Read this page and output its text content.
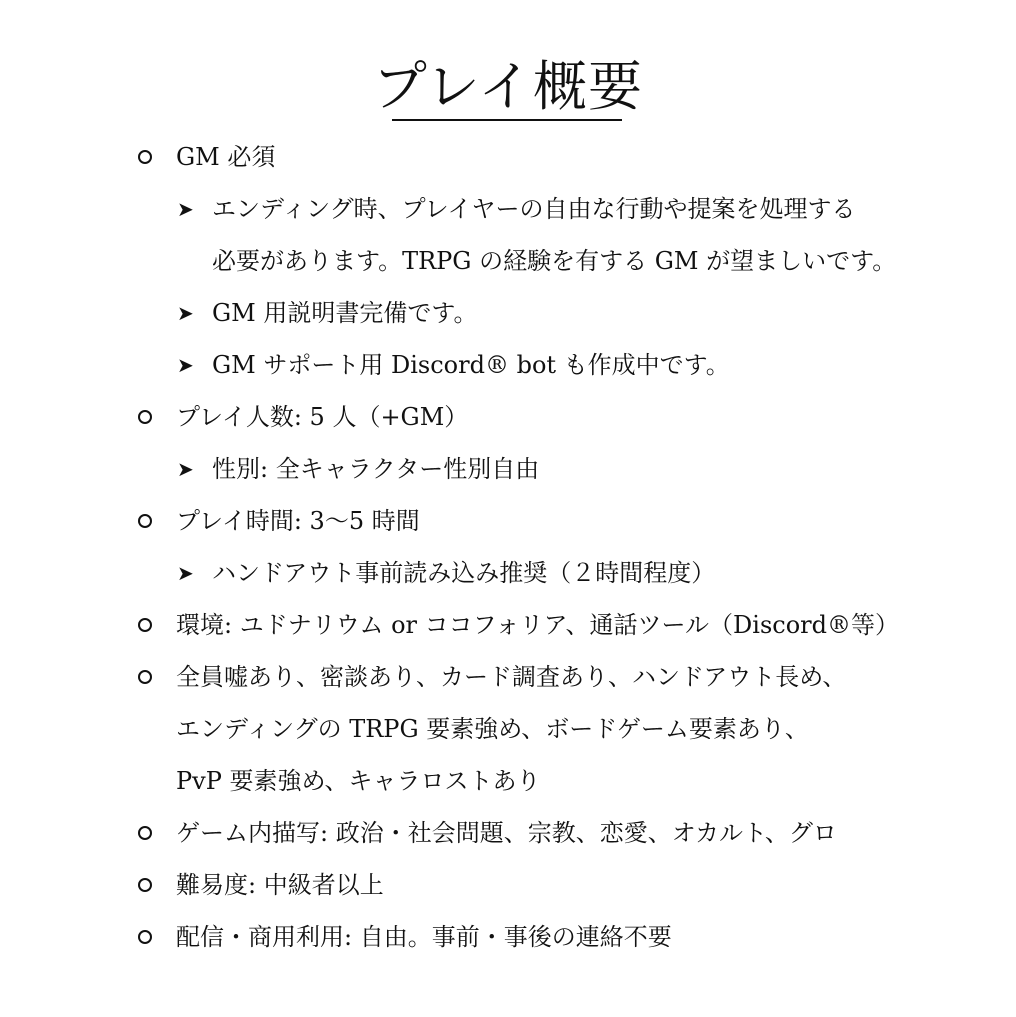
プレイ概要
GM 必須
➤ エンディング時、プレイヤーの自由な行動や提案を処理する
必要があります。TRPG の経験を有する GM が望ましいです。
➤ GM 用説明書完備です。
➤ GM サポート用 Discord® bot も作成中です。
プレイ人数: 5 人（+GM）
➤ 性別: 全キャラクター性別自由
プレイ時間: 3～5 時間
➤ ハンドアウト事前読み込み推奨（２時間程度）
環境: ユドナリウム or ココフォリア、通話ツール（Discord®等）
全員嘘あり、密談あり、カード調査あり、ハンドアウト長め、
エンディングの TRPG 要素強め、ボードゲーム要素あり、
PvP 要素強め、キャラロストあり
ゲーム内描写: 政治・社会問題、宗教、恋愛、オカルト、グロ
難易度: 中級者以上
配信・商用利用: 自由。事前・事後の連絡不要
